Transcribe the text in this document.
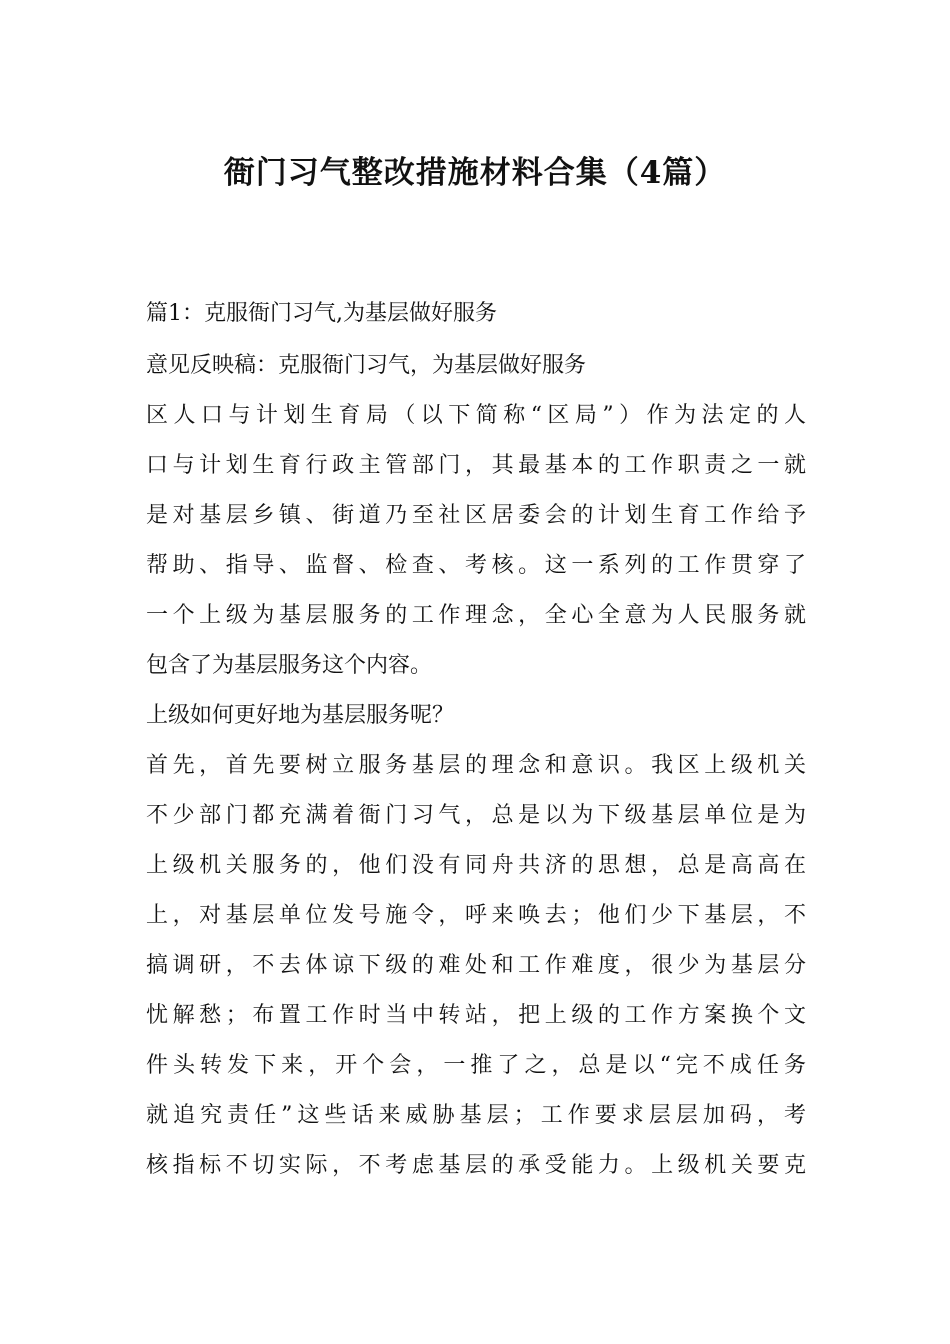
衙门习气整改措施材料合集（4篇）
篇1：克服衙门习气,为基层做好服务
意见反映稿：克服衙门习气，为基层做好服务
区人口与计划生育局（以下简称“区局”）作为法定的人
口与计划生育行政主管部门，其最基本的工作职责之一就
是对基层乡镇、街道乃至社区居委会的计划生育工作给予
帮助、指导、监督、检查、考核。这一系列的工作贯穿了
一个上级为基层服务的工作理念，全心全意为人民服务就
包含了为基层服务这个内容。
上级如何更好地为基层服务呢？
首先，首先要树立服务基层的理念和意识。我区上级机关
不少部门都充满着衙门习气，总是以为下级基层单位是为
上级机关服务的，他们没有同舟共济的思想，总是高高在
上，对基层单位发号施令，呼来唤去；他们少下基层，不
搞调研，不去体谅下级的难处和工作难度，很少为基层分
忧解愁；布置工作时当中转站，把上级的工作方案换个文
件头转发下来，开个会，一推了之，总是以“完不成任务
就追究责任”这些话来威胁基层；工作要求层层加码，考
核指标不切实际，不考虑基层的承受能力。上级机关要克
